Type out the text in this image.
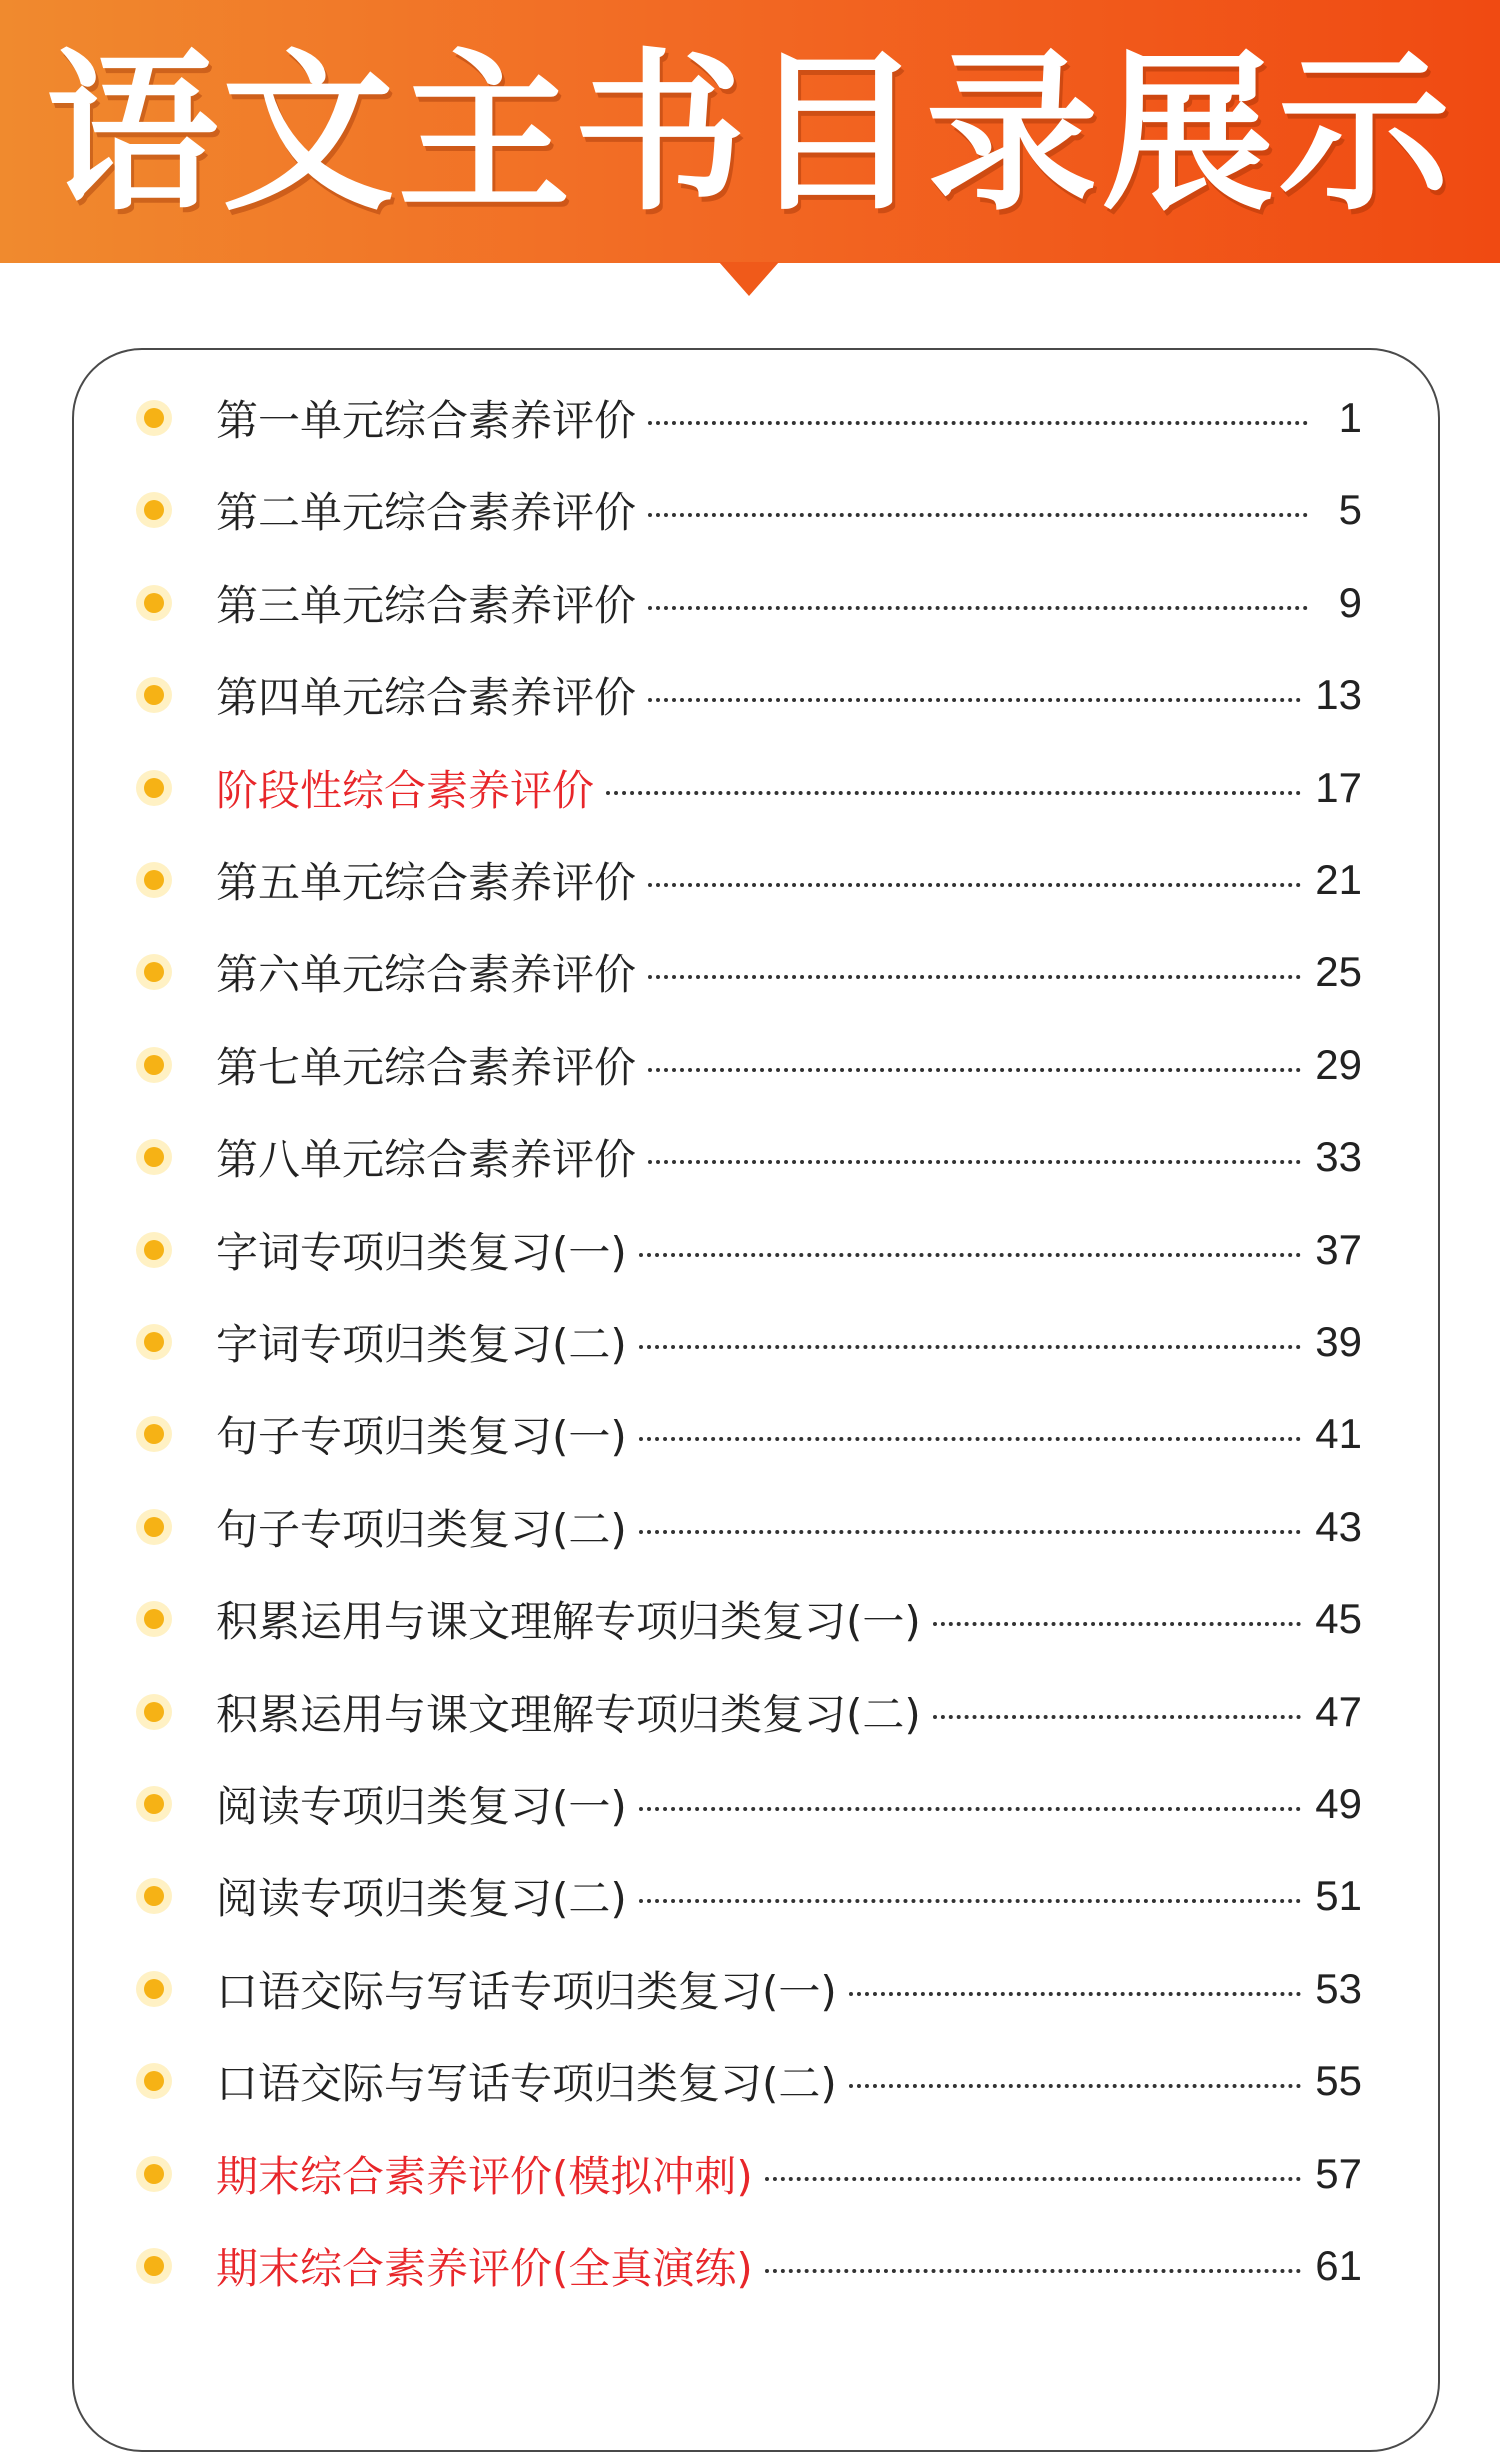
语文主书目录展示
第一单元综合素养评价	1
第二单元综合素养评价	5
第三单元综合素养评价	9
第四单元综合素养评价	13
阶段性综合素养评价	17
第五单元综合素养评价	21
第六单元综合素养评价	25
第七单元综合素养评价	29
第八单元综合素养评价	33
字词专项归类复习(一)	37
字词专项归类复习(二)	39
句子专项归类复习(一)	41
句子专项归类复习(二)	43
积累运用与课文理解专项归类复习(一)	45
积累运用与课文理解专项归类复习(二)	47
阅读专项归类复习(一)	49
阅读专项归类复习(二)	51
口语交际与写话专项归类复习(一)	53
口语交际与写话专项归类复习(二)	55
期末综合素养评价(模拟冲刺)	57
期末综合素养评价(全真演练)	61
